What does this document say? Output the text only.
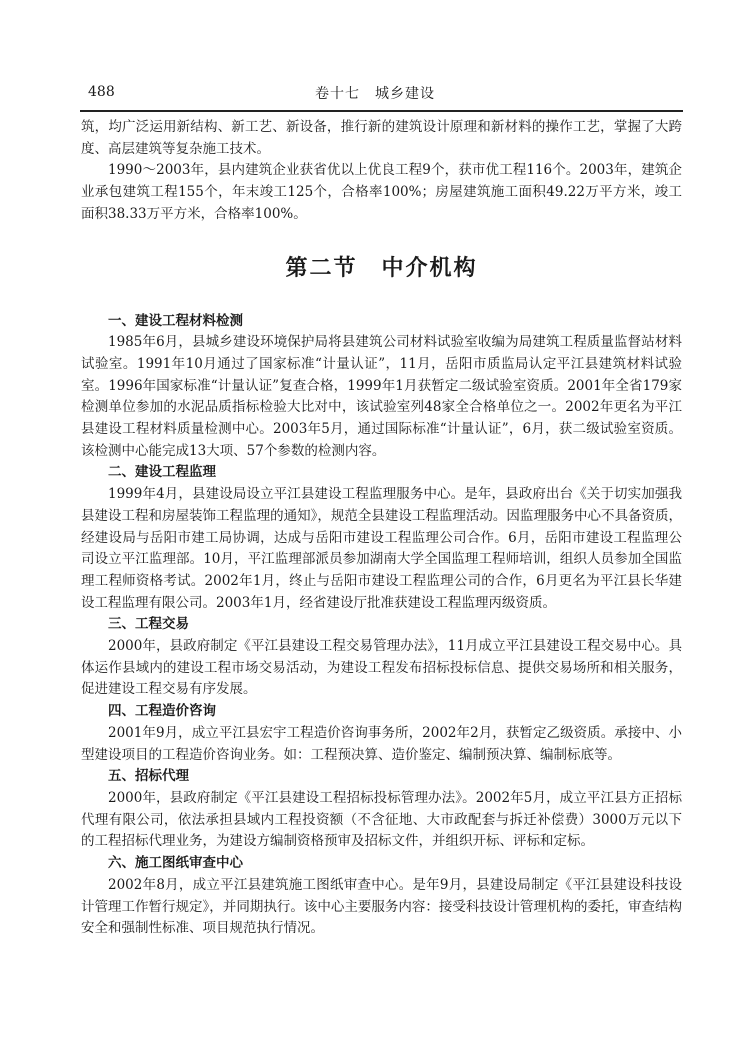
488	卷十七　城乡建设

筑，均广泛运用新结构、新工艺、新设备，推行新的建筑设计原理和新材料的操作工艺，掌握了大跨度、高层建筑等复杂施工技术。

1990～2003年，县内建筑企业获省优以上优良工程9个，获市优工程116个。2003年，建筑企业承包建筑工程155个，年末竣工125个，合格率100%；房屋建筑施工面积49.22万平方米，竣工面积38.33万平方米，合格率100%。

第二节　中介机构
一、建设工程材料检测

1985年6月，县城乡建设环境保护局将县建筑公司材料试验室收编为局建筑工程质量监督站材料试验室。1991年10月通过了国家标准“计量认证”，11月，岳阳市质监局认定平江县建筑材料试验室。1996年国家标准“计量认证”复查合格，1999年1月获暂定二级试验室资质。2001年全省179家检测单位参加的水泥品质指标检验大比对中，该试验室列48家全合格单位之一。2002年更名为平江县建设工程材料质量检测中心。2003年5月，通过国际标准“计量认证”，6月，获二级试验室资质。该检测中心能完成13大项、57个参数的检测内容。

二、建设工程监理

1999年4月，县建设局设立平江县建设工程监理服务中心。是年，县政府出台《关于切实加强我县建设工程和房屋装饰工程监理的通知》，规范全县建设工程监理活动。因监理服务中心不具备资质，经建设局与岳阳市建工局协调，达成与岳阳市建设工程监理公司合作。6月，岳阳市建设工程监理公司设立平江监理部。10月，平江监理部派员参加湖南大学全国监理工程师培训，组织人员参加全国监理工程师资格考试。2002年1月，终止与岳阳市建设工程监理公司的合作，6月更名为平江县长华建设工程监理有限公司。2003年1月，经省建设厅批准获建设工程监理丙级资质。

三、工程交易

2000年，县政府制定《平江县建设工程交易管理办法》，11月成立平江县建设工程交易中心。具体运作县域内的建设工程市场交易活动，为建设工程发布招标投标信息、提供交易场所和相关服务，促进建设工程交易有序发展。

四、工程造价咨询

2001年9月，成立平江县宏宇工程造价咨询事务所，2002年2月，获暂定乙级资质。承接中、小型建设项目的工程造价咨询业务。如：工程预决算、造价鉴定、编制预决算、编制标底等。

五、招标代理

2000年，县政府制定《平江县建设工程招标投标管理办法》。2002年5月，成立平江县方正招标代理有限公司，依法承担县域内工程投资额（不含征地、大市政配套与拆迁补偿费）3000万元以下的工程招标代理业务，为建设方编制资格预审及招标文件，并组织开标、评标和定标。

六、施工图纸审查中心

2002年8月，成立平江县建筑施工图纸审查中心。是年9月，县建设局制定《平江县建设科技设计管理工作暂行规定》，并同期执行。该中心主要服务内容：接受科技设计管理机构的委托，审查结构安全和强制性标准、项目规范执行情况。
